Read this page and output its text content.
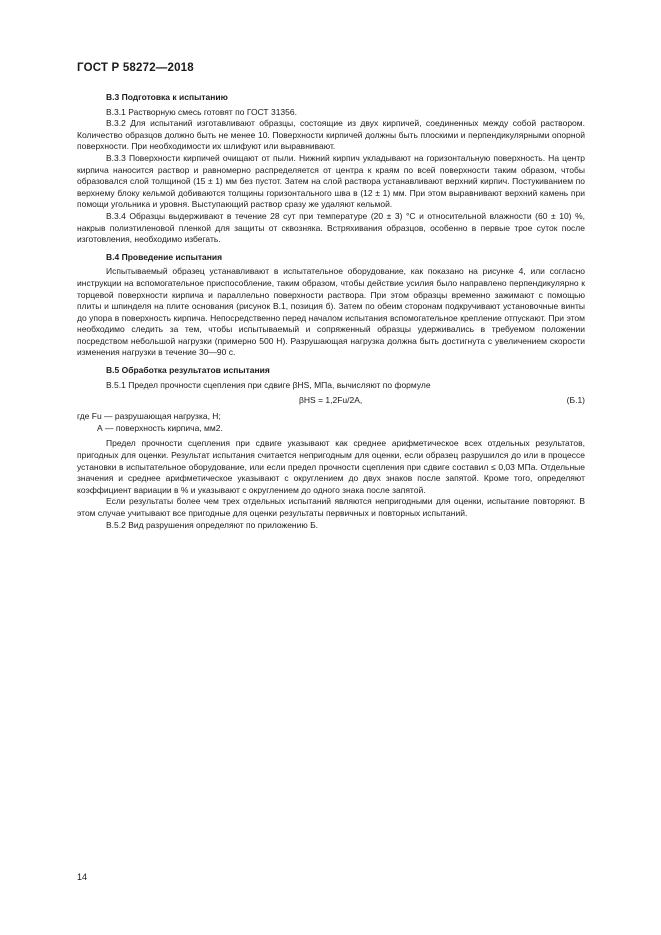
ГОСТ Р 58272—2018
В.3 Подготовка к испытанию

В.3.1 Растворную смесь готовят по ГОСТ 31356.

В.3.2 Для испытаний изготавливают образцы, состоящие из двух кирпичей, соединенных между собой раствором. Количество образцов должно быть не менее 10. Поверхности кирпичей должны быть плоскими и перпендикулярными опорной поверхности. При необходимости их шлифуют или выравнивают.

В.3.3 Поверхности кирпичей очищают от пыли. Нижний кирпич укладывают на горизонтальную поверхность. На центр кирпича наносится раствор и равномерно распределяется от центра к краям по всей поверхности таким образом, чтобы образовался слой толщиной (15 ± 1) мм без пустот. Затем на слой раствора устанавливают верхний кирпич. Постукиванием по верхнему блоку кельмой добиваются толщины горизонтального шва в (12 ± 1) мм. При этом выравнивают верхний камень при помощи угольника и уровня. Выступающий раствор сразу же удаляют кельмой.

В.3.4 Образцы выдерживают в течение 28 сут при температуре (20 ± 3) °С и относительной влажности (60 ± 10) %, накрыв полиэтиленовой пленкой для защиты от сквозняка. Встряхивания образцов, особенно в первые трое суток после изготовления, необходимо избегать.

В.4 Проведение испытания

Испытываемый образец устанавливают в испытательное оборудование, как показано на рисунке 4, или согласно инструкции на вспомогательное приспособление, таким образом, чтобы действие усилия было направлено перпендикулярно к торцевой поверхности кирпича и параллельно поверхности раствора. При этом образцы временно зажимают с помощью плиты и шпинделя на плите основания (рисунок В.1, позиция б). Затем по обеим сторонам подкручивают установочные винты до упора в поверхность кирпича. Непосредственно перед началом испытания вспомогательное крепление отпускают. При этом необходимо следить за тем, чтобы испытываемый и сопряженный образцы удерживались в требуемом положении посредством небольшой нагрузки (примерно 500 Н). Разрушающая нагрузка должна быть достигнута с увеличением скорости изменения нагрузки в течение 30—90 с.

В.5 Обработка результатов испытания

В.5.1 Предел прочности сцепления при сдвиге βHS, МПа, вычисляют по формуле

βHS = 1,2Fu/2A,	(Б.1)
где Fu — разрушающая нагрузка, Н;
А — поверхность кирпича, мм2.

Предел прочности сцепления при сдвиге указывают как среднее арифметическое всех отдельных результатов, пригодных для оценки. Результат испытания считается непригодным для оценки, если образец разрушился до или в процессе установки в испытательное оборудование, или если предел прочности сцепления при сдвиге составил ≤ 0,03 МПа. Отдельные значения и среднее арифметическое указывают с округлением до двух знаков после запятой. Кроме того, определяют коэффициент вариации в % и указывают с округлением до одного знака после запятой.

Если результаты более чем трех отдельных испытаний являются непригодными для оценки, испытание повторяют. В этом случае учитывают все пригодные для оценки результаты первичных и повторных испытаний.

В.5.2 Вид разрушения определяют по приложению Б.

14
